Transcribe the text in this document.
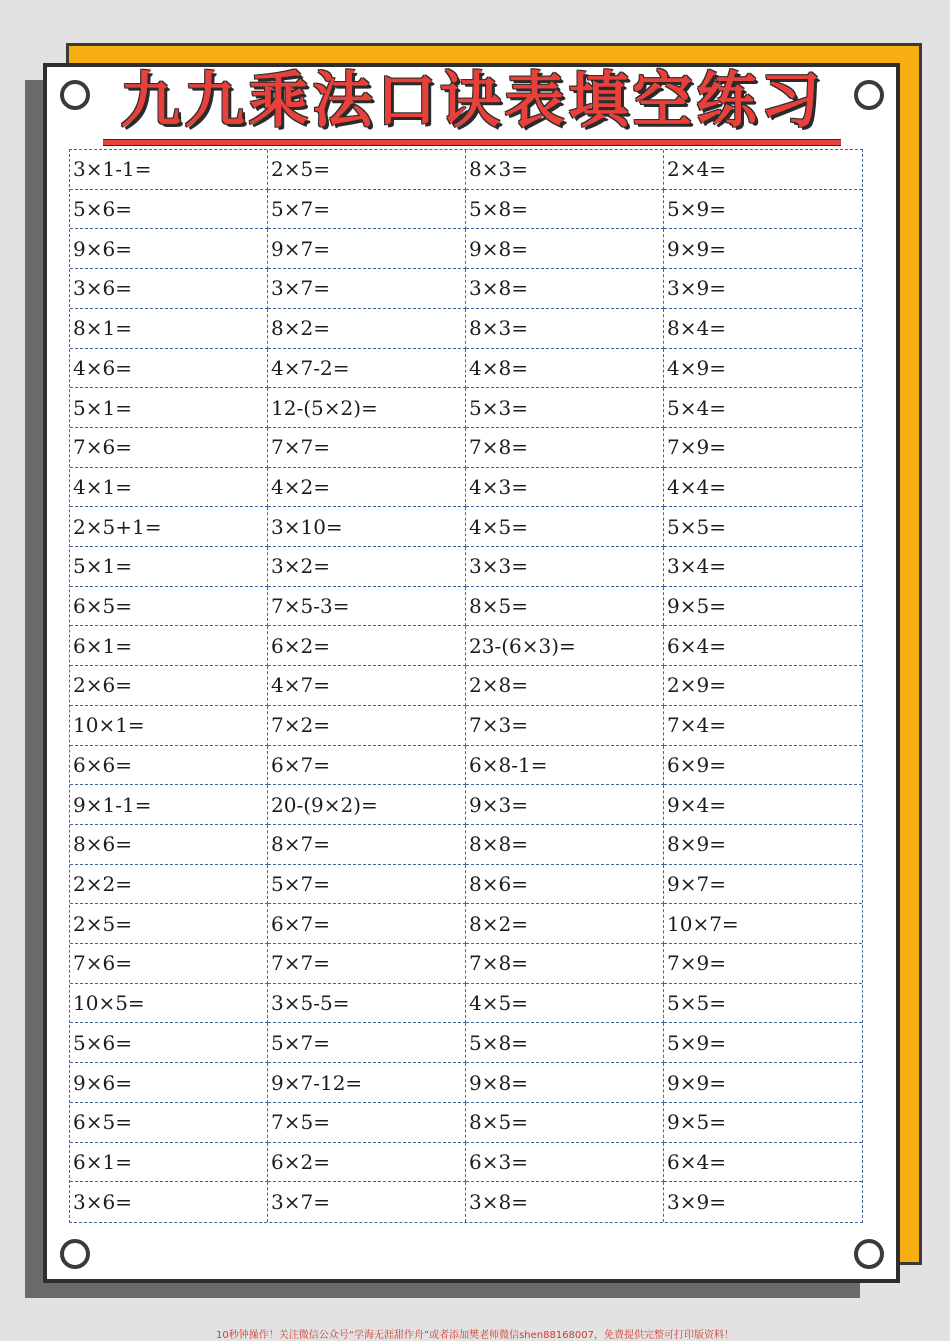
九九乘法口诀表填空练习
3×1-1=	2×5=	8×3=	2×4=
5×6=	5×7=	5×8=	5×9=
9×6=	9×7=	9×8=	9×9=
3×6=	3×7=	3×8=	3×9=
8×1=	8×2=	8×3=	8×4=
4×6=	4×7-2=	4×8=	4×9=
5×1=	12-(5×2)=	5×3=	5×4=
7×6=	7×7=	7×8=	7×9=
4×1=	4×2=	4×3=	4×4=
2×5+1=	3×10=	4×5=	5×5=
5×1=	3×2=	3×3=	3×4=
6×5=	7×5-3=	8×5=	9×5=
6×1=	6×2=	23-(6×3)=	6×4=
2×6=	4×7=	2×8=	2×9=
10×1=	7×2=	7×3=	7×4=
6×6=	6×7=	6×8-1=	6×9=
9×1-1=	20-(9×2)=	9×3=	9×4=
8×6=	8×7=	8×8=	8×9=
2×2=	5×7=	8×6=	9×7=
2×5=	6×7=	8×2=	10×7=
7×6=	7×7=	7×8=	7×9=
10×5=	3×5-5=	4×5=	5×5=
5×6=	5×7=	5×8=	5×9=
9×6=	9×7-12=	9×8=	9×9=
6×5=	7×5=	8×5=	9×5=
6×1=	6×2=	6×3=	6×4=
3×6=	3×7=	3×8=	3×9=
10秒钟操作！关注微信公众号“学海无涯甜作舟”或者添加樊老师微信shen88168007，免费提供完整可打印版资料！
